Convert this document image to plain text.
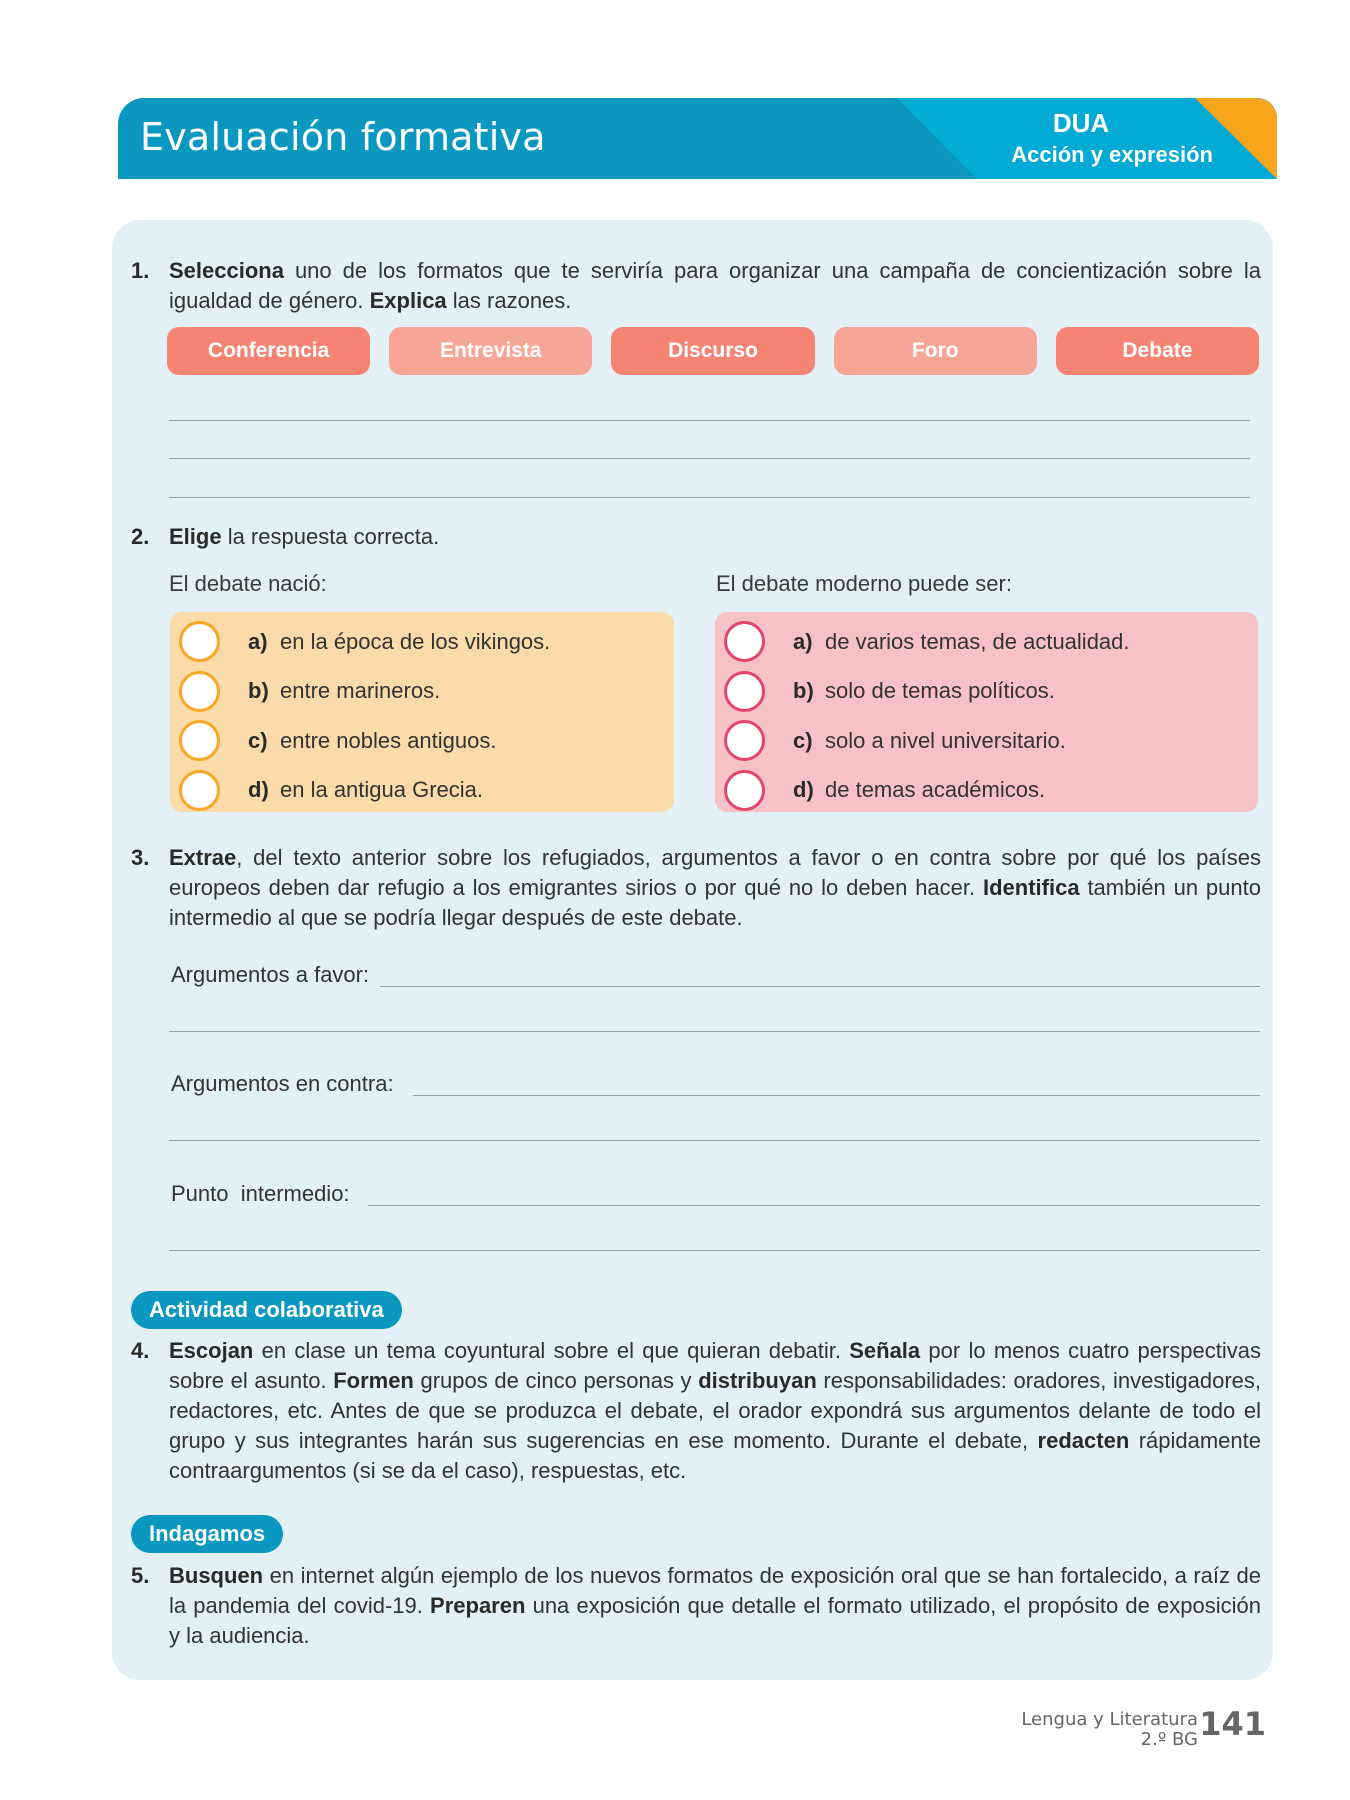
Evaluación formativa	DUA
Acción y expresión
1. Selecciona uno de los formatos que te serviría para organizar una campaña de concientización sobre la igualdad de género. Explica las razones.
Conferencia	Entrevista	Discurso	Foro	Debate
2. Elige la respuesta correcta.
El debate nació:	El debate moderno puede ser:
a) en la época de los vikingos.
b) entre marineros.
c) entre nobles antiguos.
d) en la antigua Grecia.
a) de varios temas, de actualidad.
b) solo de temas políticos.
c) solo a nivel universitario.
d) de temas académicos.
3. Extrae, del texto anterior sobre los refugiados, argumentos a favor o en contra sobre por qué los países europeos deben dar refugio a los emigrantes sirios o por qué no lo deben hacer. Identifica también un punto intermedio al que se podría llegar después de este debate.
Argumentos a favor:
Argumentos en contra:
Punto  intermedio:
Actividad colaborativa
4. Escojan en clase un tema coyuntural sobre el que quieran debatir. Señala por lo menos cuatro perspectivas sobre el asunto. Formen grupos de cinco personas y distribuyan responsabilidades: oradores, investigadores, redactores, etc. Antes de que se produzca el debate, el orador expondrá sus argumentos delante de todo el grupo y sus integrantes harán sus sugerencias en ese momento. Durante el debate, redacten rápidamente contraargumentos (si se da el caso), respuestas, etc.
Indagamos
5. Busquen en internet algún ejemplo de los nuevos formatos de exposición oral que se han fortalecido, a raíz de la pandemia del covid-19. Preparen una exposición que detalle el formato utilizado, el propósito de exposición y la audiencia.
Lengua y Literatura
2.º BG 141
